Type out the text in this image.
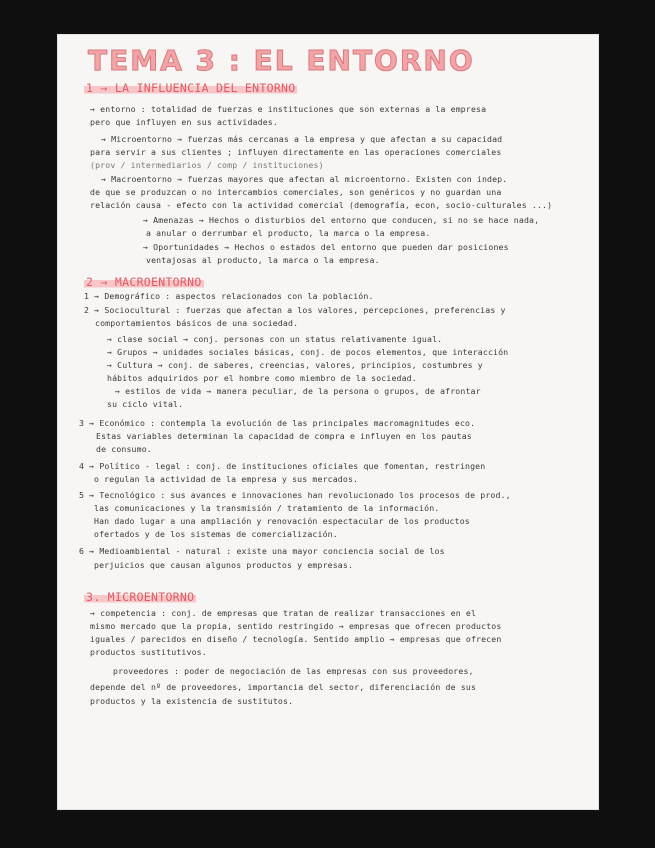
TEMA 3 : EL ENTORNO
1 → LA INFLUENCIA DEL ENTORNO
→ entorno : totalidad de fuerzas e instituciones que son externas a la empresa
pero que influyen en sus actividades.
→ Microentorno → fuerzas más cercanas a la empresa y que afectan a su capacidad
para servir a sus clientes ; influyen directamente en las operaciones comerciales
(prov / intermediarios / comp / instituciones)
→ Macroentorno → fuerzas mayores que afectan al microentorno. Existen con indep.
de que se produzcan o no intercambios comerciales, son genéricos y no guardan una
relación causa - efecto con la actividad comercial (demografía, econ, socio-culturales ...)
→ Amenazas → Hechos o disturbios del entorno que conducen, si no se hace nada,
a anular o derrumbar el producto, la marca o la empresa.
→ Oportunidades → Hechos o estados del entorno que pueden dar posiciones
ventajosas al producto, la marca o la empresa.
2 → MACROENTORNO
1 → Demográfico : aspectos relacionados con la población.
2 → Sociocultural : fuerzas que afectan a los valores, percepciones, preferencias y
comportamientos básicos de una sociedad.
→ clase social → conj. personas con un status relativamente igual.
→ Grupos → unidades sociales básicas, conj. de pocos elementos, que interacción
→ Cultura → conj. de saberes, creencias, valores, principios, costumbres y
hábitos adquiridos por el hombre como miembro de la sociedad.
→ estilos de vida → manera peculiar, de la persona o grupos, de afrontar
su ciclo vital.
3 → Económico : contempla la evolución de las principales macromagnitudes eco.
Estas variables determinan la capacidad de compra e influyen en los pautas
de consumo.
4 → Político - legal : conj. de instituciones oficiales que fomentan, restringen
o regulan la actividad de la empresa y sus mercados.
5 → Tecnológico : sus avances e innovaciones han revolucionado los procesos de prod.,
las comunicaciones y la transmisión / tratamiento de la información.
Han dado lugar a una ampliación y renovación espectacular de los productos
ofertados y de los sistemas de comercialización.
6 → Medioambiental - natural : existe una mayor conciencia social de los
perjuicios que causan algunos productos y empresas.
3. MICROENTORNO
→ competencia : conj. de empresas que tratan de realizar transacciones en el
mismo mercado que la propia, sentido restringido → empresas que ofrecen productos
iguales / parecidos en diseño / tecnología. Sentido amplio → empresas que ofrecen
productos sustitutivos.
proveedores : poder de negociación de las empresas con sus proveedores,
depende del nº de proveedores, importancia del sector, diferenciación de sus
productos y la existencia de sustitutos.
